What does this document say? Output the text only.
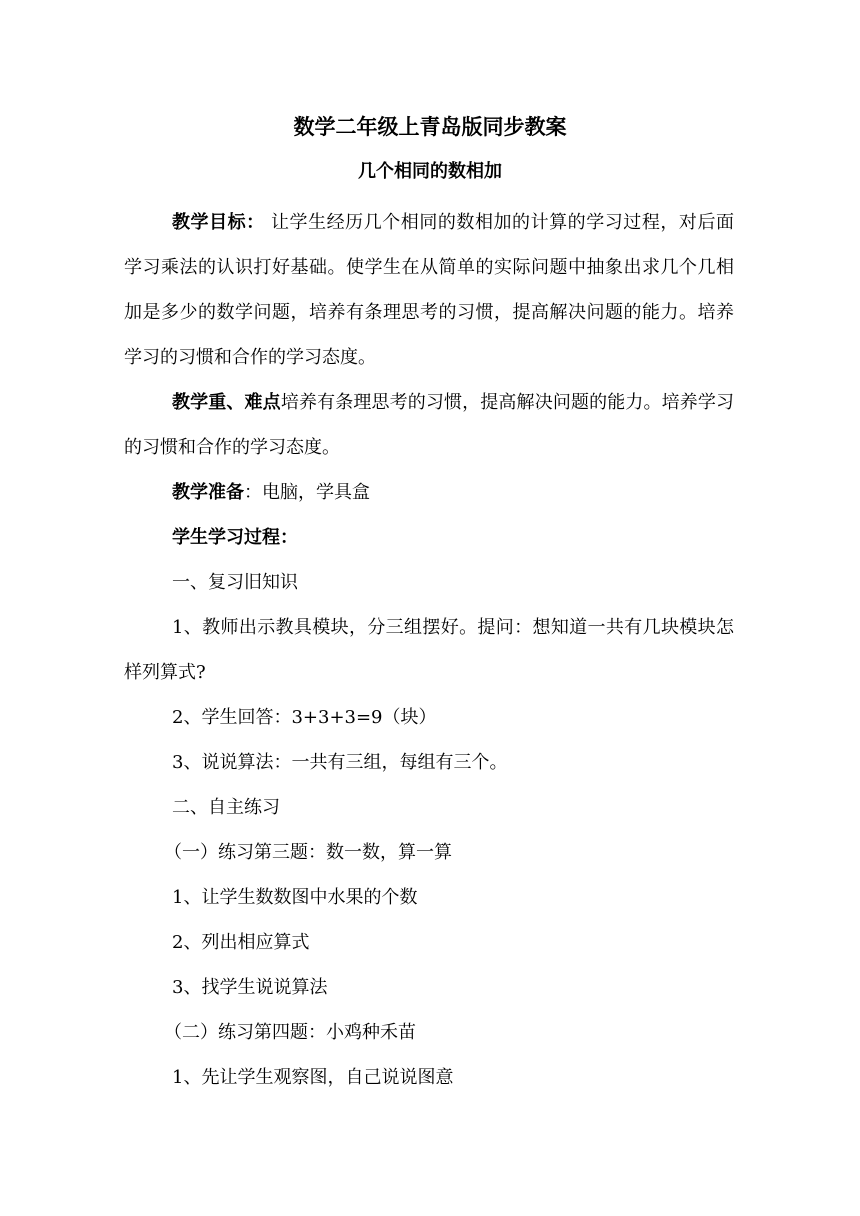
数学二年级上青岛版同步教案
几个相同的数相加

教学目标： 让学生经历几个相同的数相加的计算的学习过程，对后面学习乘法的认识打好基础。使学生在从简单的实际问题中抽象出求几个几相加是多少的数学问题，培养有条理思考的习惯，提高解决问题的能力。培养学习的习惯和合作的学习态度。

教学重、难点培养有条理思考的习惯，提高解决问题的能力。培养学习的习惯和合作的学习态度。

教学准备：电脑，学具盒

学生学习过程：

一、复习旧知识

1、教师出示教具模块，分三组摆好。提问：想知道一共有几块模块怎样列算式?

2、学生回答：3+3+3=9（块）

3、说说算法：一共有三组，每组有三个。

二、自主练习

（一）练习第三题：数一数，算一算

1、让学生数数图中水果的个数

2、列出相应算式

3、找学生说说算法

（二）练习第四题：小鸡种禾苗

1、先让学生观察图，自己说说图意
